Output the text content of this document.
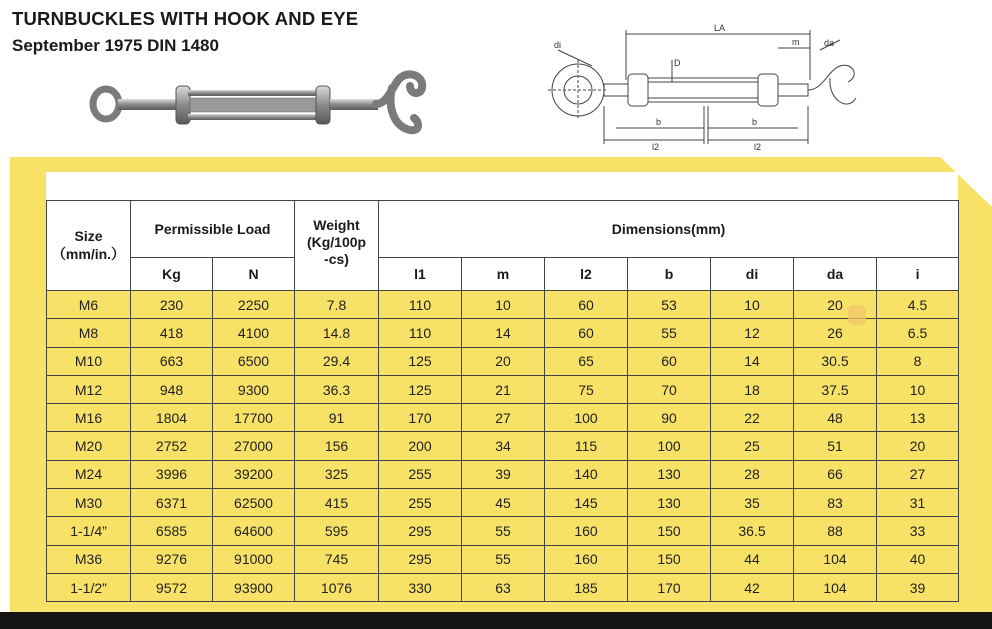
TURNBUCKLES WITH HOOK AND EYE
September 1975 DIN 1480
LA
m
D
di	da
b	b
l2	l2
Size
（mm/in.）	Permissible Load		Weight
(Kg/100p
-cs)	Dimensions(mm)						
	Kg	N		l1	m	l2	b	di	da	i
M6	230	2250	7.8	110	10	60	53	10	20	4.5
M8	418	4100	14.8	110	14	60	55	12	26	6.5
M10	663	6500	29.4	125	20	65	60	14	30.5	8
M12	948	9300	36.3	125	21	75	70	18	37.5	10
M16	1804	17700	91	170	27	100	90	22	48	13
M20	2752	27000	156	200	34	115	100	25	51	20
M24	3996	39200	325	255	39	140	130	28	66	27
M30	6371	62500	415	255	45	145	130	35	83	31
1-1/4”	6585	64600	595	295	55	160	150	36.5	88	33
M36	9276	91000	745	295	55	160	150	44	104	40
1-1/2”	9572	93900	1076	330	63	185	170	42	104	39
